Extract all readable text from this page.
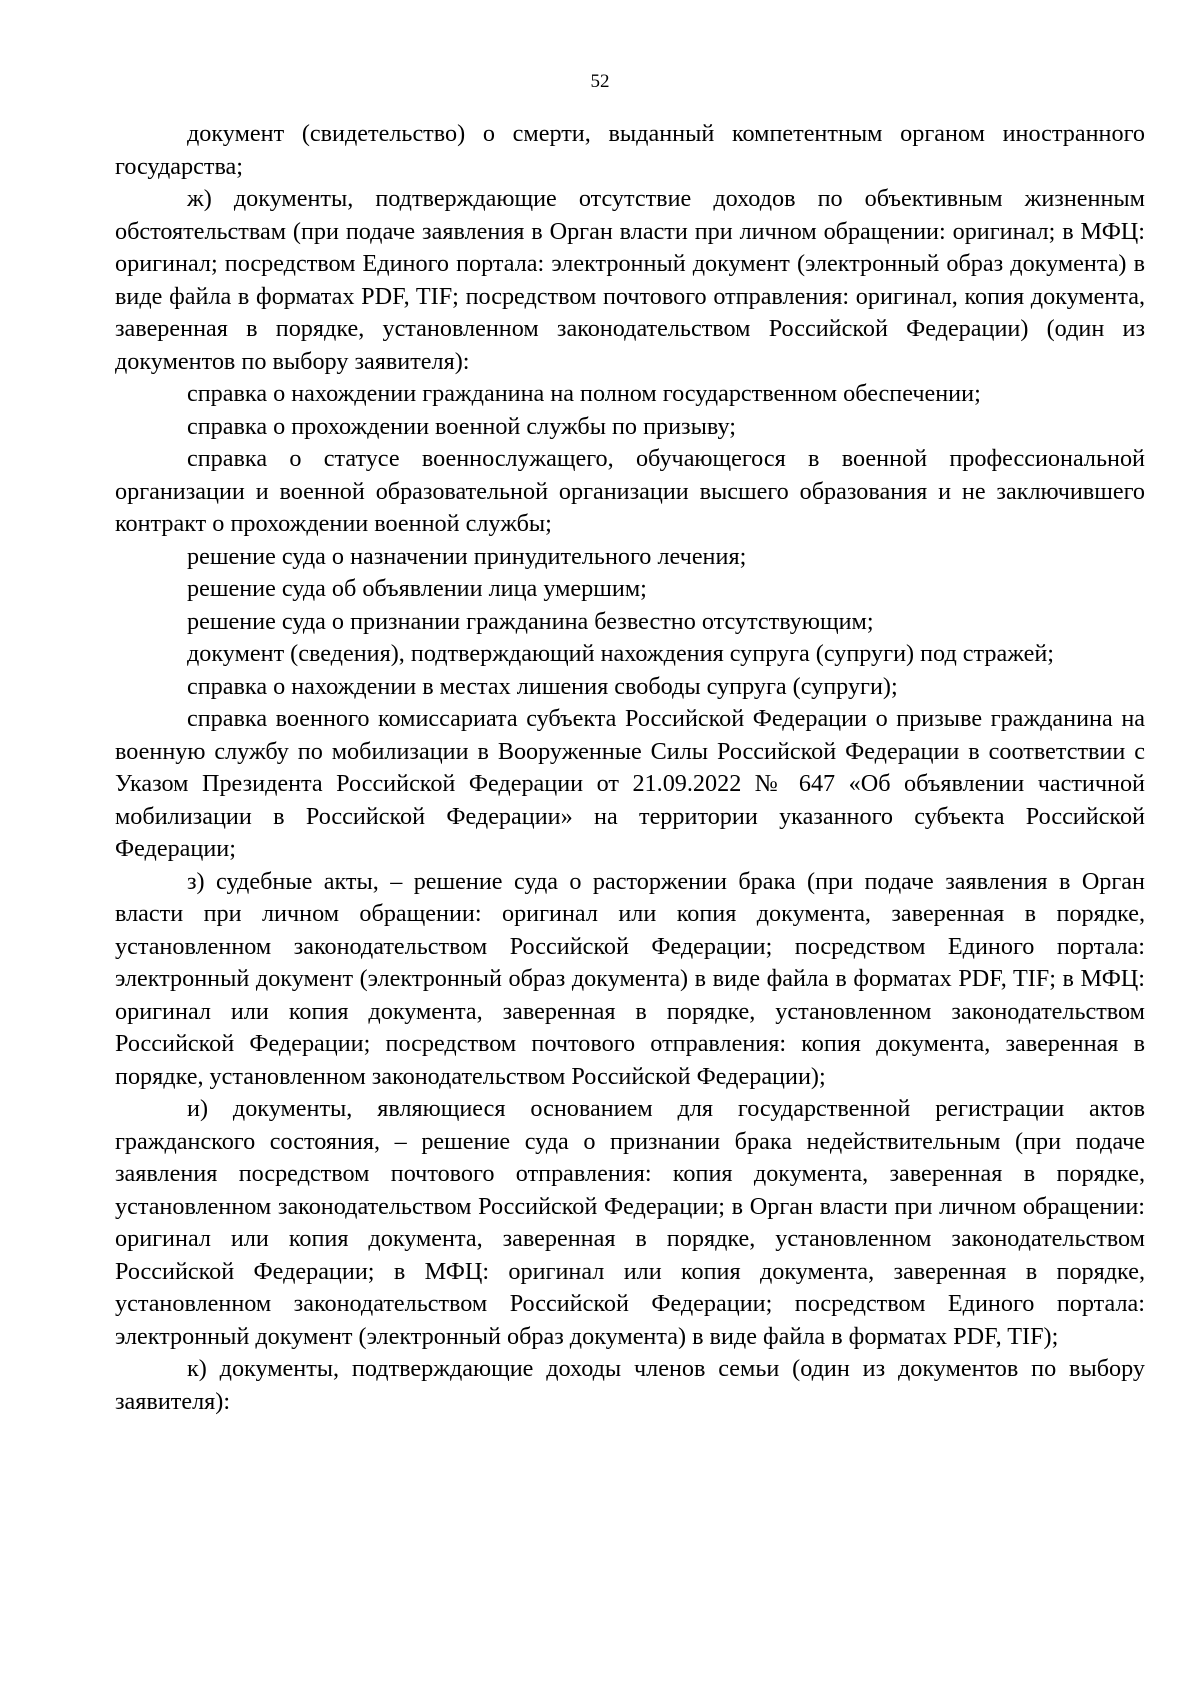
52

документ (свидетельство) о смерти, выданный компетентным органом иностранного государства;

ж) документы, подтверждающие отсутствие доходов по объективным жизненным обстоятельствам (при подаче заявления в Орган власти при личном обращении: оригинал; в МФЦ: оригинал; посредством Единого портала: электронный документ (электронный образ документа) в виде файла в форматах PDF, TIF; посредством почтового отправления: оригинал, копия документа, заверенная в порядке, установленном законодательством Российской Федерации) (один из документов по выбору заявителя):

справка о нахождении гражданина на полном государственном обеспечении;

справка о прохождении военной службы по призыву;

справка о статусе военнослужащего, обучающегося в военной профессиональной организации и военной образовательной организации высшего образования и не заключившего контракт о прохождении военной службы;

решение суда о назначении принудительного лечения;

решение суда об объявлении лица умершим;

решение суда о признании гражданина безвестно отсутствующим;

документ (сведения), подтверждающий нахождения супруга (супруги) под стражей;

справка о нахождении в местах лишения свободы супруга (супруги);

справка военного комиссариата субъекта Российской Федерации о призыве гражданина на военную службу по мобилизации в Вооруженные Силы Российской Федерации в соответствии с Указом Президента Российской Федерации от 21.09.2022 № 647 «Об объявлении частичной мобилизации в Российской Федерации» на территории указанного субъекта Российской Федерации;

з) судебные акты, – решение суда о расторжении брака (при подаче заявления в Орган власти при личном обращении: оригинал или копия документа, заверенная в порядке, установленном законодательством Российской Федерации; посредством Единого портала: электронный документ (электронный образ документа) в виде файла в форматах PDF, TIF; в МФЦ: оригинал или копия документа, заверенная в порядке, установленном законодательством Российской Федерации; посредством почтового отправления: копия документа, заверенная в порядке, установленном законодательством Российской Федерации);

и) документы, являющиеся основанием для государственной регистрации актов гражданского состояния, – решение суда о признании брака недействительным (при подаче заявления посредством почтового отправления: копия документа, заверенная в порядке, установленном законодательством Российской Федерации; в Орган власти при личном обращении: оригинал или копия документа, заверенная в порядке, установленном законодательством Российской Федерации; в МФЦ: оригинал или копия документа, заверенная в порядке, установленном законодательством Российской Федерации; посредством Единого портала: электронный документ (электронный образ документа) в виде файла в форматах PDF, TIF);

к) документы, подтверждающие доходы членов семьи (один из документов по выбору заявителя):
